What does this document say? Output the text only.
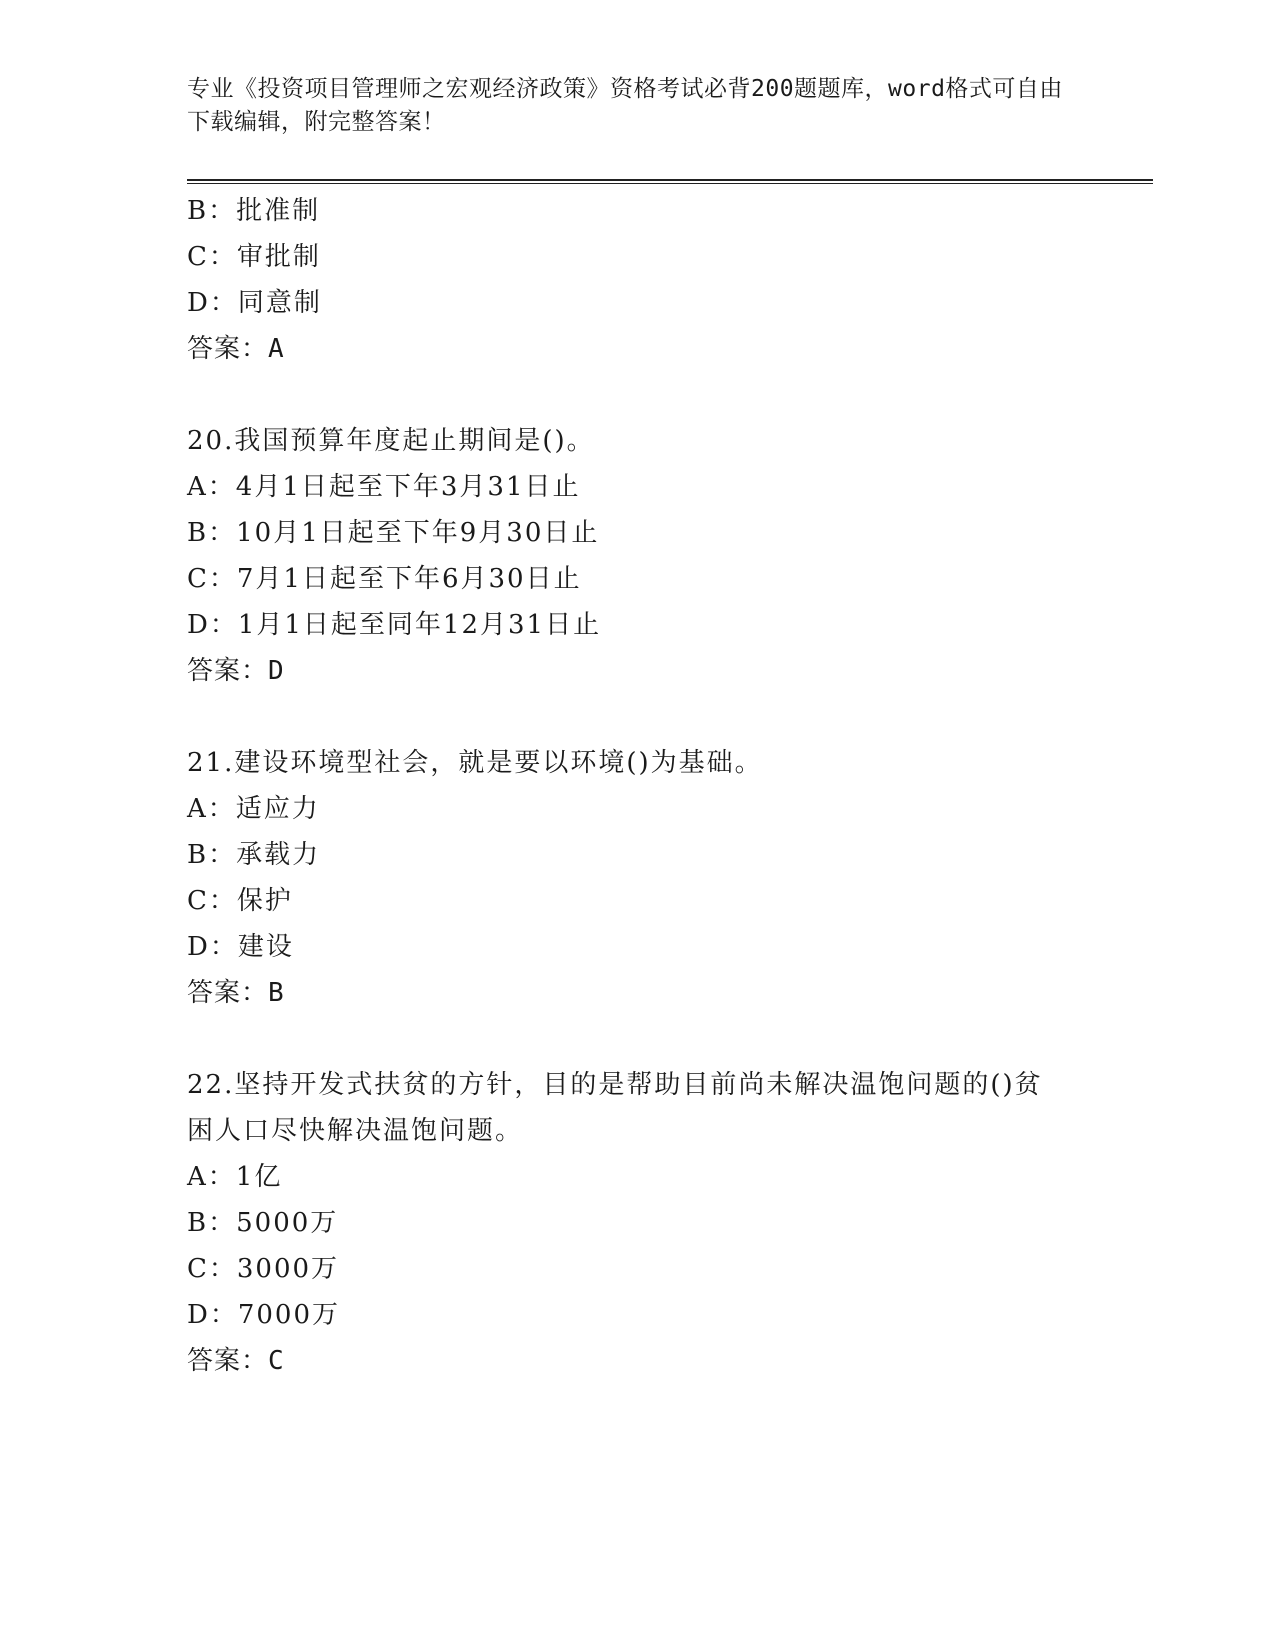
专业《投资项目管理师之宏观经济政策》资格考试必背200题题库，word格式可自由下载编辑，附完整答案！
B：批准制
C：审批制
D：同意制
答案：A
20.我国预算年度起止期间是()。
A：4月1日起至下年3月31日止
B：10月1日起至下年9月30日止
C：7月1日起至下年6月30日止
D：1月1日起至同年12月31日止
答案：D
21.建设环境型社会，就是要以环境()为基础。
A：适应力
B：承载力
C：保护
D：建设
答案：B
22.坚持开发式扶贫的方针，目的是帮助目前尚未解决温饱问题的()贫困人口尽快解决温饱问题。
A：1亿
B：5000万
C：3000万
D：7000万
答案：C
